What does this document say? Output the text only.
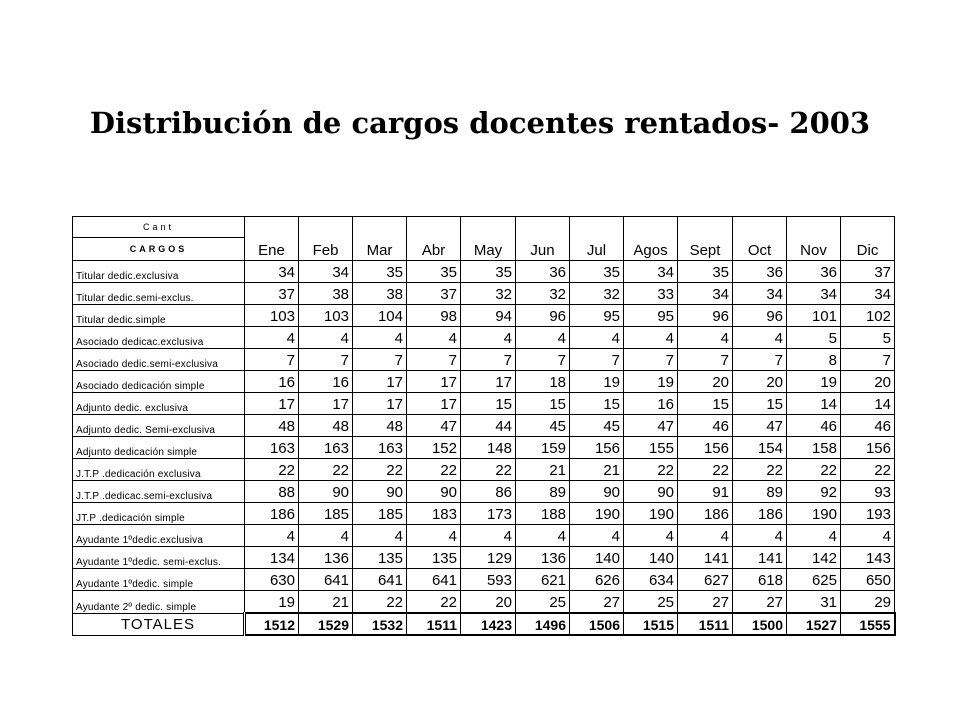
Distribución de cargos docentes rentados- 2003
Cant	Ene	Feb	Mar	Abr	May	Jun	Jul	Agos	Sept	Oct	Nov	Dic
CARGOS												
Titular dedic.exclusiva	34	34	35	35	35	36	35	34	35	36	36	37
Titular dedic.semi-exclus.	37	38	38	37	32	32	32	33	34	34	34	34
Titular dedic.simple	103	103	104	98	94	96	95	95	96	96	101	102
Asociado dedicac.exclusiva	4	4	4	4	4	4	4	4	4	4	5	5
Asociado dedic.semi-exclusiva	7	7	7	7	7	7	7	7	7	7	8	7
Asociado dedicación simple	16	16	17	17	17	18	19	19	20	20	19	20
Adjunto dedic. exclusiva	17	17	17	17	15	15	15	16	15	15	14	14
Adjunto dedic. Semi-exclusiva	48	48	48	47	44	45	45	47	46	47	46	46
Adjunto dedicación simple	163	163	163	152	148	159	156	155	156	154	158	156
J.T.P .dedicación exclusiva	22	22	22	22	22	21	21	22	22	22	22	22
J.T.P .dedicac.semi-exclusiva	88	90	90	90	86	89	90	90	91	89	92	93
JT.P .dedicación simple	186	185	185	183	173	188	190	190	186	186	190	193
Ayudante 1ºdedic.exclusiva	4	4	4	4	4	4	4	4	4	4	4	4
Ayudante 1ºdedic. semi-exclus.	134	136	135	135	129	136	140	140	141	141	142	143
Ayudante 1ºdedic. simple	630	641	641	641	593	621	626	634	627	618	625	650
Ayudante 2º dedic. simple	19	21	22	22	20	25	27	25	27	27	31	29
TOTALES	1512	1529	1532	1511	1423	1496	1506	1515	1511	1500	1527	1555
